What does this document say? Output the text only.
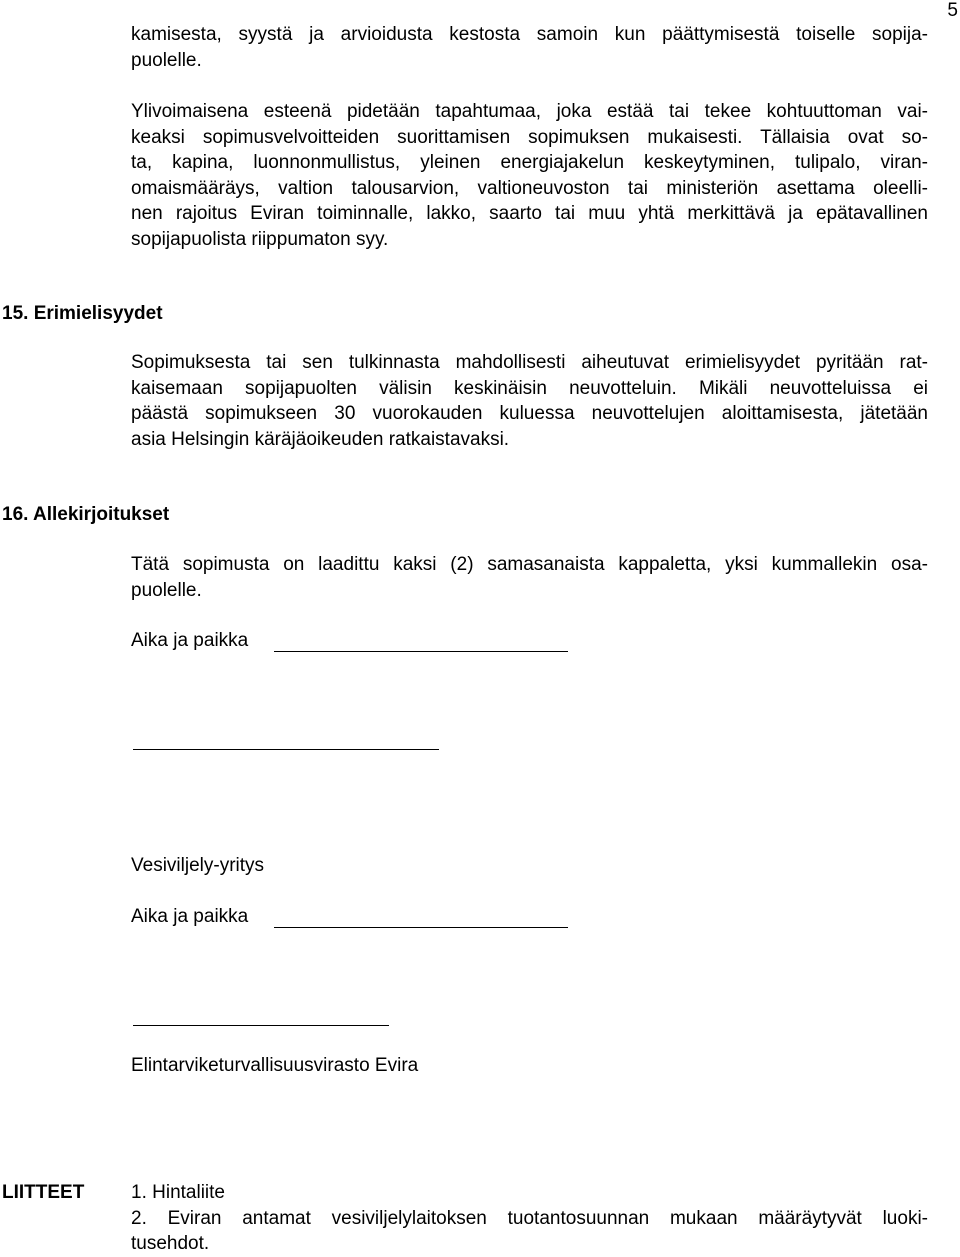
5
kamisesta, syystä ja arvioidusta kestosta samoin kun päättymisestä toiselle sopija-
puolelle.
Ylivoimaisena esteenä pidetään tapahtumaa, joka estää tai tekee kohtuuttoman vai-
keaksi sopimusvelvoitteiden suorittamisen sopimuksen mukaisesti. Tällaisia ovat so-
ta, kapina, luonnonmullistus, yleinen energiajakelun keskeytyminen, tulipalo, viran-
omaismääräys, valtion talousarvion, valtioneuvoston tai ministeriön asettama oleelli-
nen rajoitus Eviran toiminnalle, lakko, saarto tai muu yhtä merkittävä ja epätavallinen
sopijapuolista riippumaton syy.
15. Erimielisyydet
Sopimuksesta tai sen tulkinnasta mahdollisesti aiheutuvat erimielisyydet pyritään rat-
kaisemaan sopijapuolten välisin keskinäisin neuvotteluin. Mikäli neuvotteluissa ei
päästä sopimukseen 30 vuorokauden kuluessa neuvottelujen aloittamisesta, jätetään
asia Helsingin käräjäoikeuden ratkaistavaksi.
16. Allekirjoitukset
Tätä sopimusta on laadittu kaksi (2) samasanaista kappaletta, yksi kummallekin osa-
puolelle.
Aika ja paikka
Vesiviljely-yritys
Aika ja paikka
Elintarviketurvallisuusvirasto Evira
LIITTEET 1. Hintaliite
2. Eviran antamat vesiviljelylaitoksen tuotantosuunnan mukaan määräytyvät luoki-
tusehdot.
